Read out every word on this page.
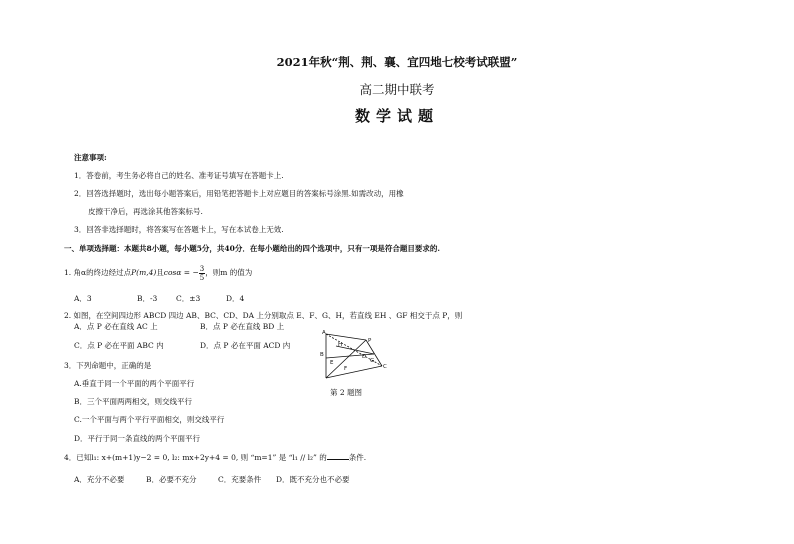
2021年秋“荆、荆、襄、宜四地七校考试联盟”
高二期中联考
数学试题
注意事项:
1．答卷前，考生务必将自己的姓名、准考证号填写在答题卡上.
2．回答选择题时，选出每小题答案后，用铅笔把答题卡上对应题目的答案标号涂黑.如需改动，用橡
皮擦干净后，再选涂其他答案标号.
3．回答非选择题时，将答案写在答题卡上，写在本试卷上无效.
一、单项选择题：本题共8小题，每小题5分，共40分．在每小题给出的四个选项中，只有一项是符合题目要求的.
1. 角α的终边经过点P(m,4)且cosα = − $\frac{3}{5}$ ，则m 的值为
A．3	B．-3 C．±3	D．4
2. 如图，在空间四边形 ABCD 四边 AB、BC、CD、DA 上分别取点 E、F、G、H，若直线 EH 、GF 相交于点 P，则
A．点 P 必在直线 AC 上	B．点 P 必在直线 BD 上
C．点 P 必在平面 ABC 内	D．点 P 必在平面 ACD 内
A
H
P
B
E
D
G
F	C
第 2 题图
3．下列命题中，正确的是
A.垂直于同一个平面的两个平面平行
B．三个平面两两相交，则交线平行
C.一个平面与两个平行平面相交，则交线平行
D．平行于同一条直线的两个平面平行
4．已知l₁: x+(m+1)y−2 = 0, l₂: mx+2y+4 = 0, 则 “m=1” 是 “l₁ // l₂” 的	条件.
A．充分不必要	B．必要不充分	C．充要条件 D．既不充分也不必要
